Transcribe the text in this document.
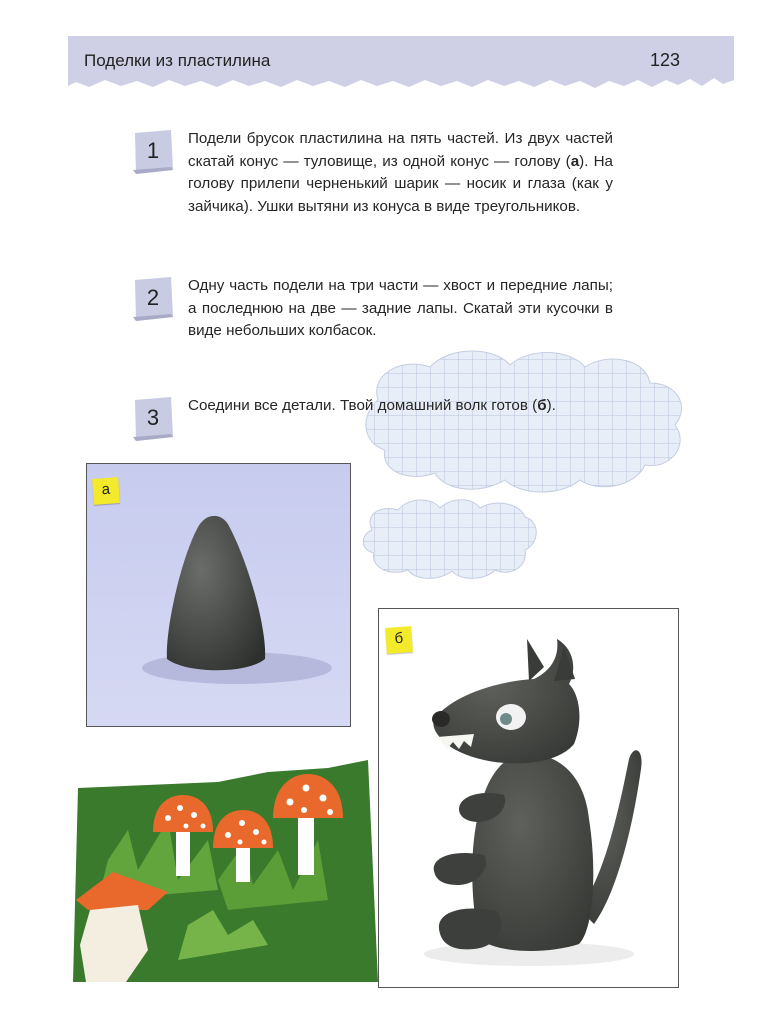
Поделки из пластилина	123
1	Подели брусок пластилина на пять частей. Из двух частей скатай конус — туловище, из одной конус — голову (а). На голову прилепи черненький шарик — носик и глаза (как у зайчика). Ушки вытяни из конуса в виде треугольников.
2	Одну часть подели на три части — хвост и передние лапы; а последнюю на две — задние лапы. Скатай эти кусочки в виде небольших колбасок.
3	Соедини все детали. Твой домашний волк готов (б).
а
б
